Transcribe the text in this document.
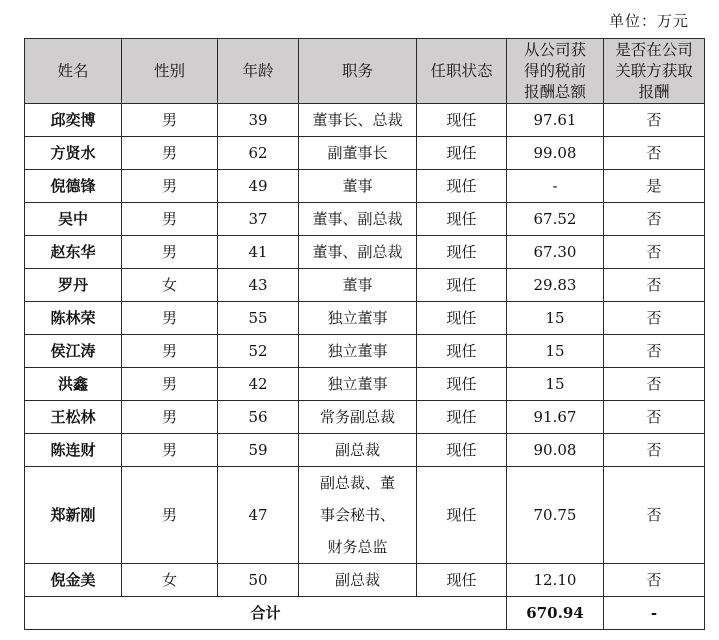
单位：万元
姓名	性别	年龄	职务	任职状态	从公司获得的税前报酬总额	是否在公司关联方获取报酬
邱奕博	男	39	董事长、总裁	现任	97.61	否
方贤水	男	62	副董事长	现任	99.08	否
倪德锋	男	49	董事	现任	-	是
吴中	男	37	董事、副总裁	现任	67.52	否
赵东华	男	41	董事、副总裁	现任	67.30	否
罗丹	女	43	董事	现任	29.83	否
陈林荣	男	55	独立董事	现任	15	否
侯江涛	男	52	独立董事	现任	15	否
洪鑫	男	42	独立董事	现任	15	否
王松林	男	56	常务副总裁	现任	91.67	否
陈连财	男	59	副总裁	现任	90.08	否
郑新刚	男	47	副总裁、董事会秘书、财务总监	现任	70.75	否
倪金美	女	50	副总裁	现任	12.10	否
合计					670.94	-
